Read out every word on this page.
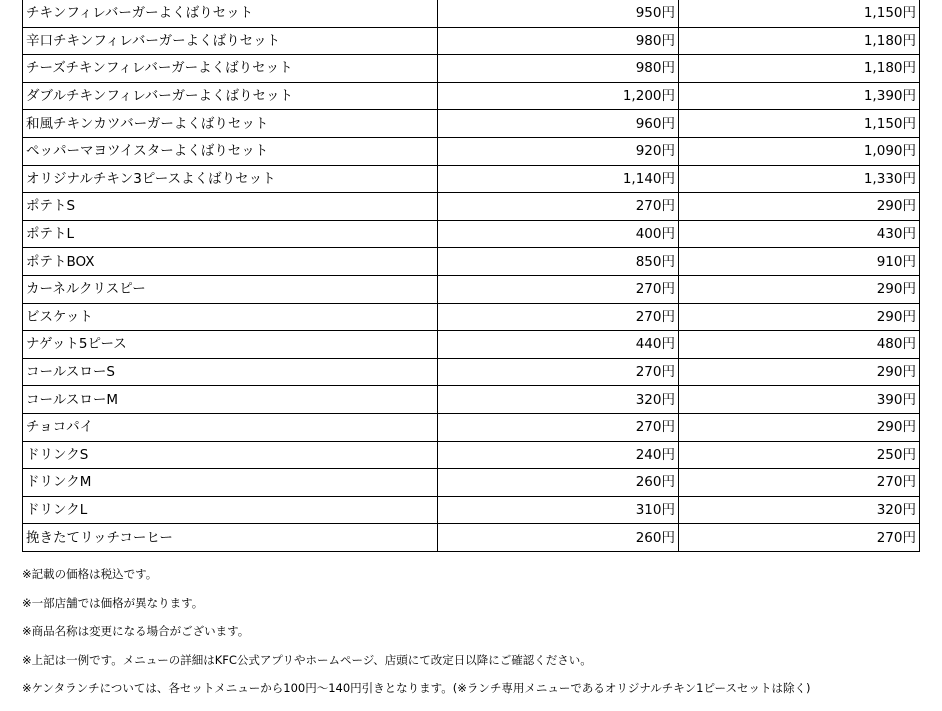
チキンフィレバーガーよくばりセット	950円	1,150円
辛口チキンフィレバーガーよくばりセット	980円	1,180円
チーズチキンフィレバーガーよくばりセット	980円	1,180円
ダブルチキンフィレバーガーよくばりセット	1,200円	1,390円
和風チキンカツバーガーよくばりセット	960円	1,150円
ペッパーマヨツイスターよくばりセット	920円	1,090円
オリジナルチキン3ピースよくばりセット	1,140円	1,330円
ポテトS	270円	290円
ポテトL	400円	430円
ポテトBOX	850円	910円
カーネルクリスピー	270円	290円
ビスケット	270円	290円
ナゲット5ピース	440円	480円
コールスローS	270円	290円
コールスローM	320円	390円
チョコパイ	270円	290円
ドリンクS	240円	250円
ドリンクM	260円	270円
ドリンクL	310円	320円
挽きたてリッチコーヒー	260円	270円
※記載の価格は税込です。
※一部店舗では価格が異なります。
※商品名称は変更になる場合がございます。
※上記は一例です。メニューの詳細はKFC公式アプリやホームページ、店頭にて改定日以降にご確認ください。
※ケンタランチについては、各セットメニューから100円～140円引きとなります。(※ランチ専用メニューであるオリジナルチキン1ピースセットは除く)
